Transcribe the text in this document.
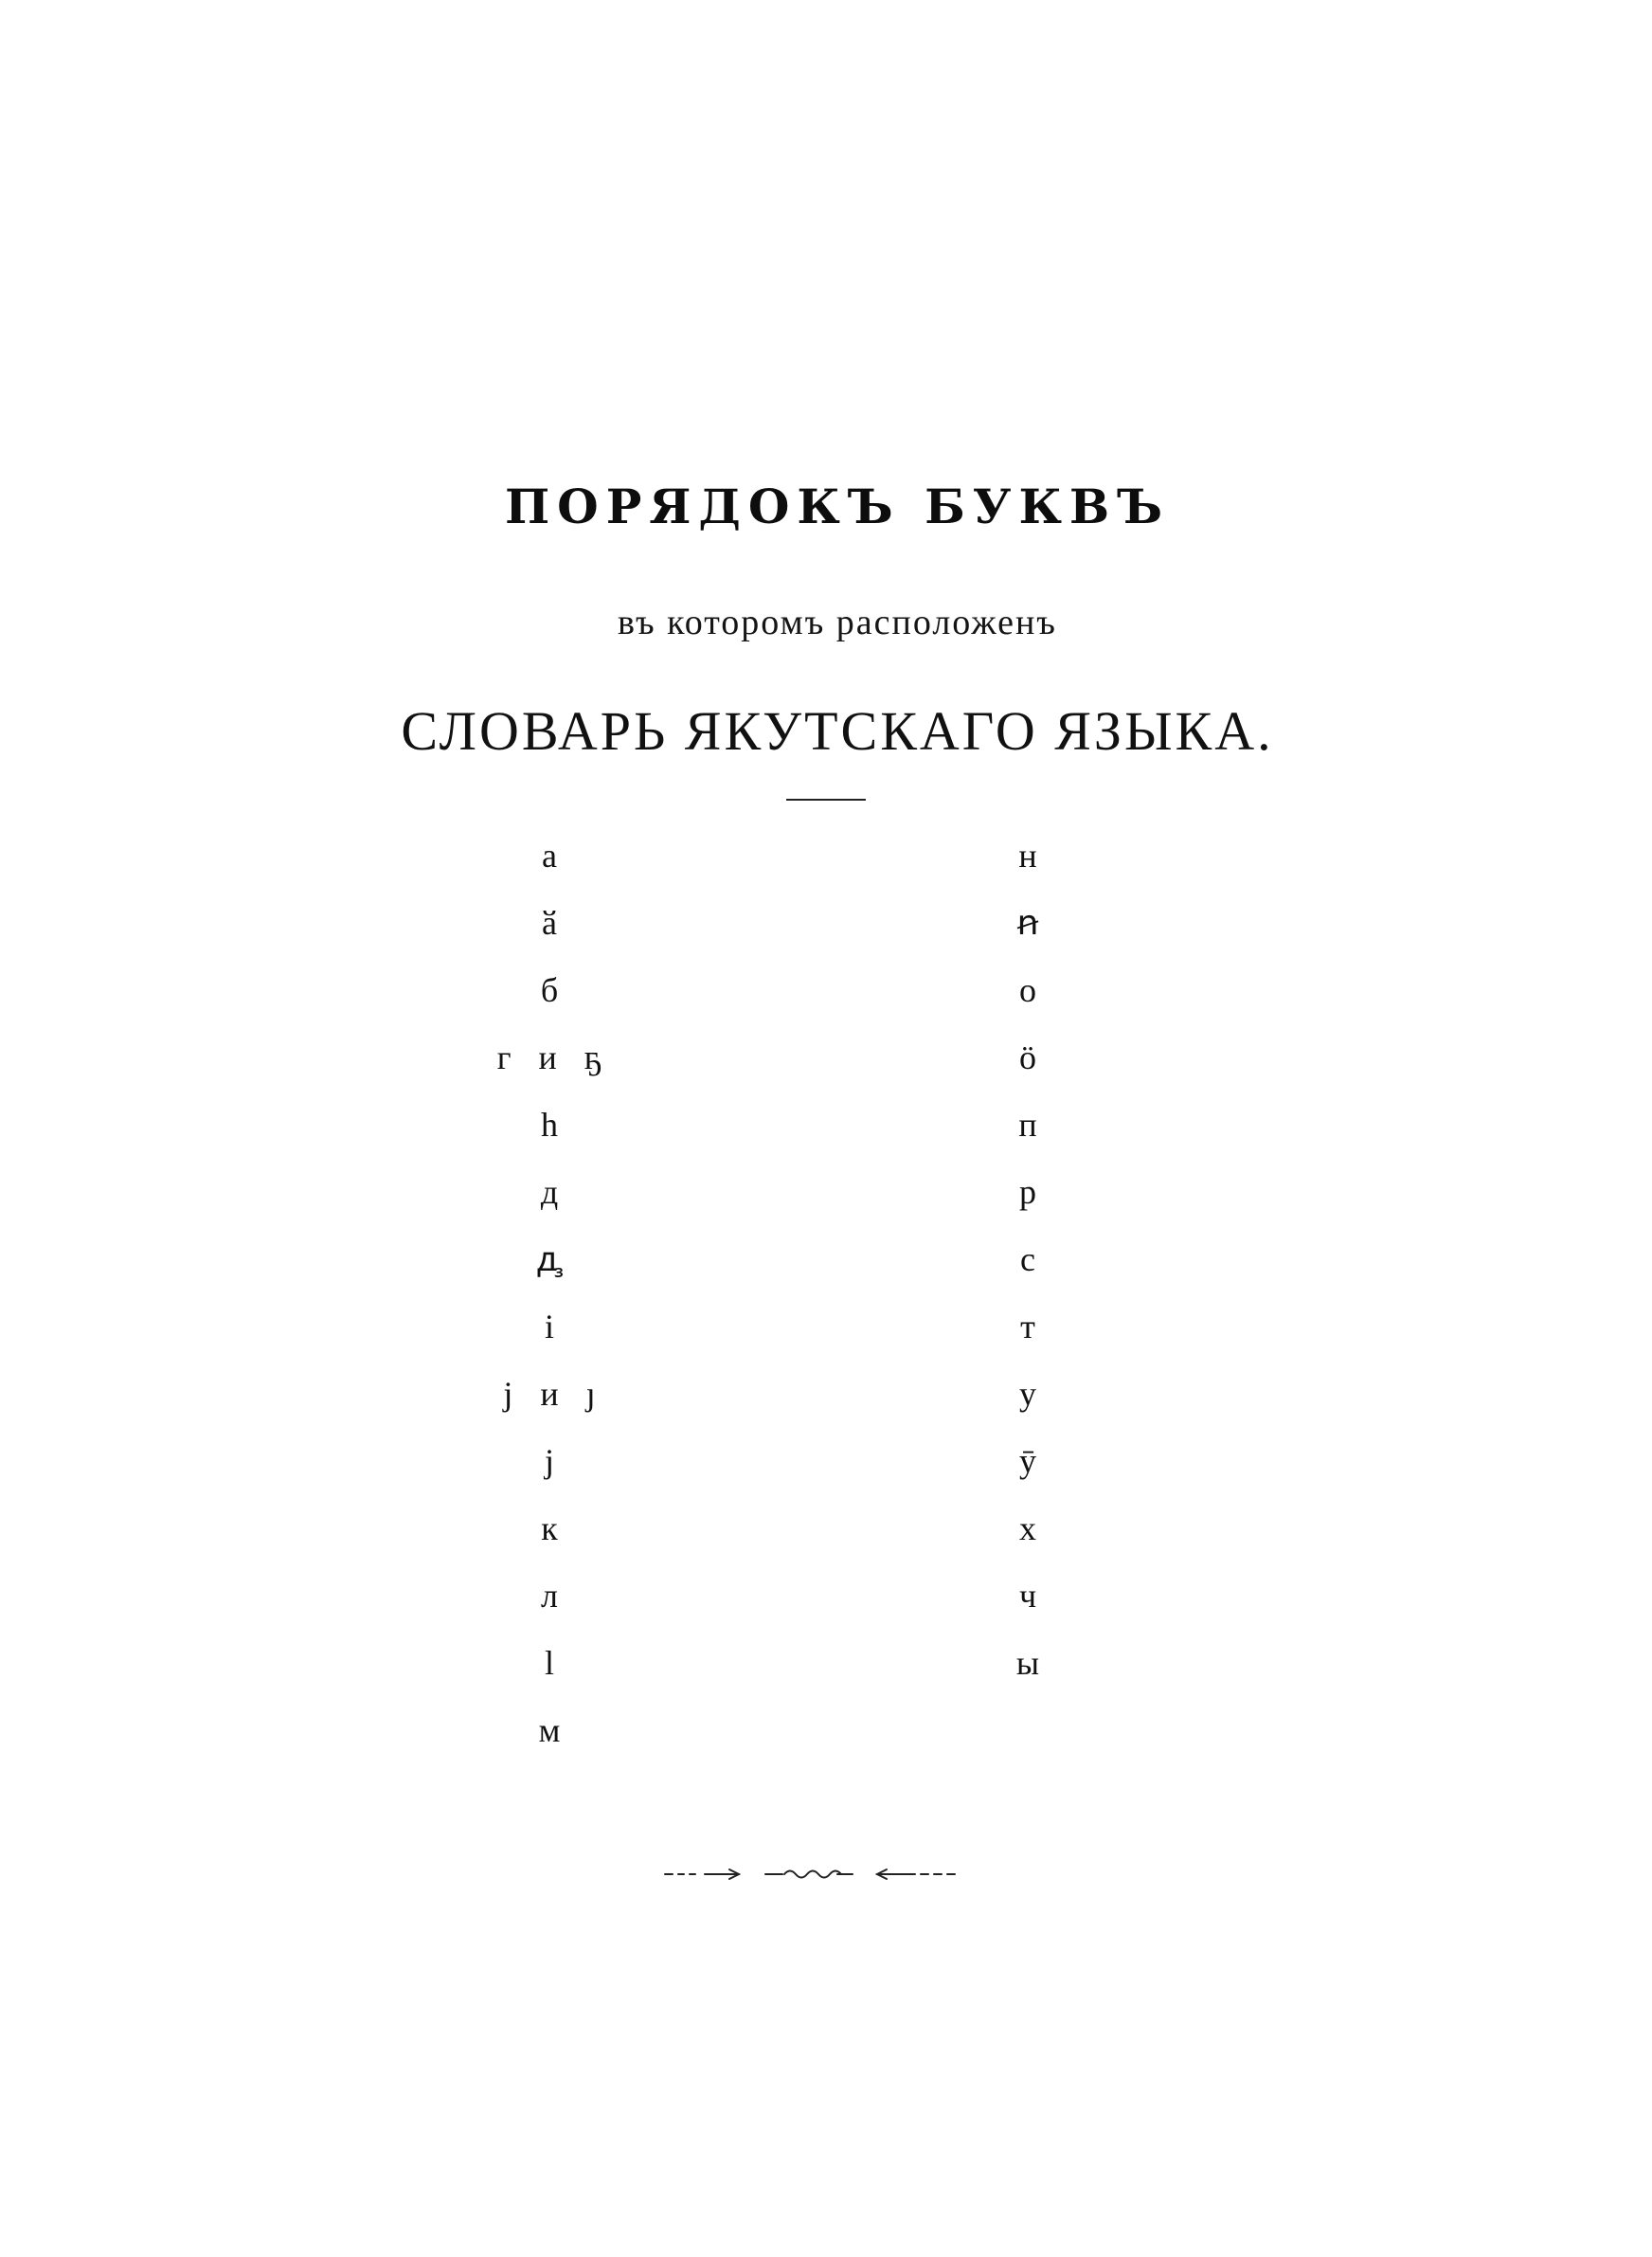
ПОРЯДОКЪ БУКВЪ
въ которомъ расположенъ
СЛОВАРЬ ЯКУТСКАГО ЯЗЫКА.
а
ӑ
б
г и ҕ
һ
д
ꚉ
і
ј и ȷ
ј
к
л
l
м
н
ꞥ
о
ӧ
п
р
с
т
у
ӯ
х
ч
ы
